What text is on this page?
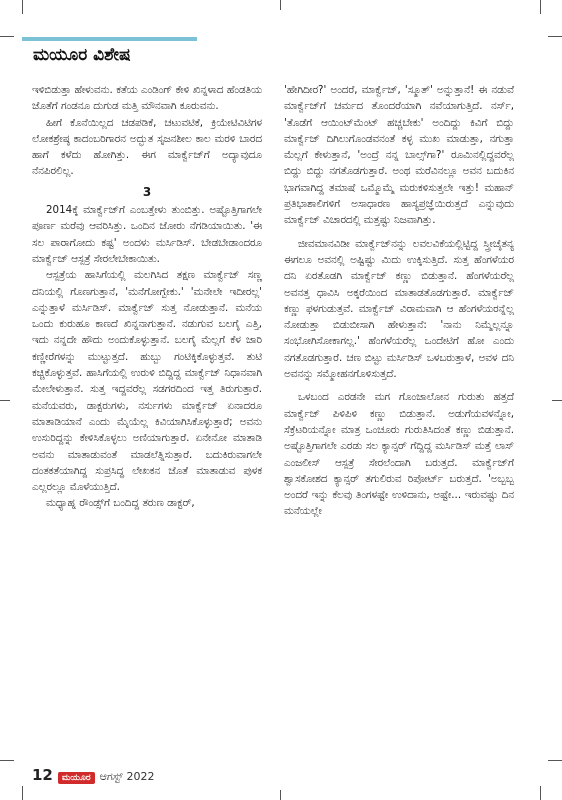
ಮಯೂರ ವಿಶೇಷ

ಇಳಿಬಿಡುತ್ತಾ ಹೇಳುವನು. ಕತೆಯ ಎಂಡಿಂಗ್ ಕೇಳಿ ಖಿನ್ನಳಾದ ಹೆಂಡತಿಯ ಜೊತೆಗೆ ಗಂಡನೂ ದುಗುಡ ಮತ್ತಿ ಮೌನವಾಗಿ ಕೂರುವನು.

ಹೀಗೆ ಕೊನೆಯಿಲ್ಲದ ಚಡಪಡಿಕೆ, ಚಟುವಟಿಕೆ, ಕ್ರಿಯೇಟಿವಿಟಿಗಳ ಲೋಕಶ್ರೇಷ್ಠ ಕಾದಂಬರಿಗಾರನ ಅದ್ಭುತ ಸೃಜನಶೀಲ ಕಾಲ ಮರಳಿ ಬಾರದ ಹಾಗೆ ಕಳೆದು ಹೋಗಿತ್ತು. ಈಗ ಮಾರ್ಕ್ವೆಜ್‌ಗೆ ಅದ್ಯಾವುದೂ ನೆನಪಿರಲಿಲ್ಲ.

3

2014ಕ್ಕೆ ಮಾರ್ಕ್ವೆಜ್‌ಗೆ ಎಂಬತ್ತೇಳು ತುಂಬಿತ್ತು. ಅಷ್ಟೊತ್ತಿಗಾಗಲೇ ಪೂರ್ಣ ಮರೆವು ಆವರಿಸಿತ್ತು. ಒಂದಿನ ಜೋರು ನೆಗಡಿಯಾಯಿತು. 'ಈ ಸಲ ಪಾರಾಗೋದು ಕಷ್ಟ' ಅಂದಳು ಮರ್ಸಿಡಿಸ್. ಬೇಡಬೇಡಾಂದರೂ ಮಾರ್ಕ್ವೆಜ್ ಆಸ್ಪತ್ರೆ ಸೇರಲೇಬೇಕಾಯಿತು.

ಆಸ್ಪತ್ರೆಯ ಹಾಸಿಗೆಯಲ್ಲಿ ಮಲಗಿಸಿದ ತಕ್ಷಣ ಮಾರ್ಕ್ವೆಜ್ ಸಣ್ಣ ದನಿಯಲ್ಲಿ ಗೊಣಗುತ್ತಾನೆ, 'ಮನೆಗೋಗ್ಬೇಕು.' 'ಮನೇಲೇ ಇದೀರಲ್ಲ' ಎನ್ನುತ್ತಾಳೆ ಮರ್ಸಿಡಿಸ್. ಮಾರ್ಕ್ವೆಜ್ ಸುತ್ತ ನೋಡುತ್ತಾನೆ. ಮನೆಯ ಒಂದು ಕುರುಹೂ ಕಾಣದೆ ಖಿನ್ನನಾಗುತ್ತಾನೆ. ನಡುಗುವ ಬಲಗೈ ಎತ್ತಿ, ಇದು ನನ್ನದೇ ಹೌದು ಅಂದುಕೊಳ್ಳುತ್ತಾನೆ. ಬಲಗೈ ಮೆಲ್ಲಗೆ ಕೆಳ ಜಾರಿ ಕಣ್ಣೀರೆಗಳನ್ನು ಮುಟ್ಟುತ್ತದೆ. ಹುಬ್ಬು ಗಂಟಿಕ್ಕಿಕೊಳ್ಳುತ್ತವೆ. ತುಟಿ ಕಚ್ಚಿಕೊಳ್ಳುತ್ತವೆ. ಹಾಸಿಗೆಯಲ್ಲಿ ಉರುಳಿ ಬಿದ್ದಿದ್ದ ಮಾರ್ಕ್ವೆಜ್ ನಿಧಾನವಾಗಿ ಮೇಲೇಳುತ್ತಾನೆ. ಸುತ್ತ ಇದ್ದವರೆಲ್ಲ ಸಡಗರದಿಂದ ಇತ್ತ ತಿರುಗುತ್ತಾರೆ. ಮನೆಯವರು, ಡಾಕ್ಟರುಗಳು, ನರ್ಸುಗಳು ಮಾರ್ಕ್ವೆಜ್ ಏನಾದರೂ ಮಾತಾಡಿಯಾನೆ ಎಂದು ಮೈಯೆಲ್ಲ ಕಿವಿಯಾಗಿಸಿಕೊಳ್ಳುತ್ತಾರೆ; ಅವನು ಉಸುರಿದ್ದನ್ನು ಕೇಳಿಸಿಕೊಳ್ಳಲು ಅಣಿಯಾಗುತ್ತಾರೆ. ಏನೇನೋ ಮಾತಾಡಿ ಅವನು ಮಾತಾಡುವಂತೆ ಮಾಡಲೆತ್ನಿಸುತ್ತಾರೆ. ಬದುಕಿರುವಾಗಲೇ ದಂತಕತೆಯಾಗಿದ್ದ ಸುಪ್ರಸಿದ್ಧ ಲೇಖಕನ ಜೊತೆ ಮಾತಾಡುವ ಪುಳಕ ಎಲ್ಲರಲ್ಲೂ ಮೊಳೆಯುತ್ತಿದೆ.

ಮಧ್ಯಾಹ್ನ ರೌಂಡ್ಸ್‌ಗೆ ಬಂದಿದ್ದ ತರುಣ ಡಾಕ್ಟರ್,

'ಹೇಗಿದೀರ?' ಅಂದರೆ, ಮಾರ್ಕ್ವೆಜ್, 'ಸ್ಮೂತ್' ಅನ್ನುತ್ತಾನೆ! ಈ ನಡುವೆ ಮಾರ್ಕ್ವೆಜ್‌ಗೆ ಚರ್ಮದ ತೊಂದರೆಯಾಗಿ ನವೆಯಾಗುತ್ತಿದೆ. ನರ್ಸ್, 'ತೊಡೆಗೆ ಆಯಿಂಟ್‌ಮೆಂಟ್ ಹಚ್ಚಬೇಕು' ಅಂದಿದ್ದು ಕಿವಿಗೆ ಬಿದ್ದು ಮಾರ್ಕ್ವೆಜ್ ದಿಗಿಲುಗೊಂಡವನಂತೆ ಕಳ್ಳ ಮುಖ ಮಾಡುತ್ತಾ, ನಗುತ್ತಾ ಮೆಲ್ಲಗೆ ಕೇಳುತ್ತಾನೆ, 'ಅಂದ್ರೆ ನನ್ನ ಬಾಲ್ಸ್‌ಗಾ?' ರೂಮಿನಲ್ಲಿದ್ದವರೆಲ್ಲ ಬಿದ್ದು ಬಿದ್ದು ನಗತೊಡಗುತ್ತಾರೆ. ಅಂಥ ಮರೆವಿನಲ್ಲೂ ಅವನ ಬದುಕಿನ ಭಾಗವಾಗಿದ್ದ ತಮಾಷೆ ಒಮ್ಮೊಮ್ಮೆ ಮರುಕಳಿಸುತ್ತಲೇ ಇತ್ತು! ಮಹಾನ್ ಪ್ರತಿಭಾಶಾಲಿಗಳಿಗೆ ಅಸಾಧಾರಣ ಹಾಸ್ಯಪ್ರಜ್ಞೆಯಿರುತ್ತದೆ ಎನ್ನುವುದು ಮಾರ್ಕ್ವೆಜ್ ವಿಚಾರದಲ್ಲಿ ಮತ್ತಷ್ಟು ನಿಜವಾಗಿತ್ತು.

ಜೀವಮಾನವಿಡೀ ಮಾರ್ಕ್ವೆಜ್‌ನನ್ನು ಲವಲವಿಕೆಯಲ್ಲಿಟ್ಟಿದ್ದ ಸ್ತ್ರೀಚೈತನ್ಯ ಈಗಲೂ ಅವನಲ್ಲಿ ಅಷ್ಟಿಷ್ಟು ಮಿದು ಉಕ್ಕಿಸುತ್ತಿದೆ. ಸುತ್ತ ಹೆಂಗಳೆಯರ ದನಿ ಏರತೊಡಗಿ ಮಾರ್ಕ್ವೆಜ್ ಕಣ್ಣು ಬಿಡುತ್ತಾನೆ. ಹೆಂಗಳೆಯರೆಲ್ಲ ಅವನತ್ತ ಧಾವಿಸಿ ಅಕ್ಕರೆಯಿಂದ ಮಾತಾಡತೊಡಗುತ್ತಾರೆ. ಮಾರ್ಕ್ವೆಜ್ ಕಣ್ಣು ಫಳಗುಡುತ್ತವೆ. ಮಾರ್ಕ್ವೆಜ್ ವಿರಾಮವಾಗಿ ಆ ಹೆಂಗಳೆಯರನ್ನೆಲ್ಲ ನೋಡುತ್ತಾ ಬಿಡುಬೀಸಾಗಿ ಹೇಳುತ್ತಾನೆ: 'ನಾನು ನಿಮ್ಮೆಲ್ಲನ್ನೂ ಸಂಭೋಗಿಸೋಕಾಗಲ್ಲ.' ಹೆಂಗಳೆಯರೆಲ್ಲ ಒಂದೇಟಿಗೆ ಹೋ ಎಂದು ನಗತೊಡಗುತ್ತಾರೆ. ಚಣ ಬಿಟ್ಟು ಮರ್ಸಿಡಿಸ್ ಒಳಬರುತ್ತಾಳೆ, ಅವಳ ದನಿ ಅವನನ್ನು ಸಮ್ಮೋಹನಗೊಳಿಸುತ್ತದೆ.

ಒಳಬಂದ ಎರಡನೇ ಮಗ ಗೊಂಜಾಲೋನ ಗುರುತು ಹತ್ತದೆ ಮಾರ್ಕ್ವೆಜ್ ಪಿಳಿಪಿಳಿ ಕಣ್ಣು ಬಿಡುತ್ತಾನೆ. ಅಡುಗೆಯವಳನ್ನೋ, ಸೆಕ್ರೆಟರಿಯನ್ನೋ ಮಾತ್ರ ಒಂಚೂರು ಗುರುತಿಸಿದಂತೆ ಕಣ್ಣು ಬಿಡುತ್ತಾನೆ. ಅಷ್ಟೊತ್ತಿಗಾಗಲೇ ಎರಡು ಸಲ ಕ್ಯಾನ್ಸರ್ ಗೆದ್ದಿದ್ದ ಮರ್ಸಿಡಿಸ್ ಮತ್ತೆ ಲಾಸ್ ಎಂಜಲೀಸ್ ಆಸ್ಪತ್ರೆ ಸೇರಲೆಂದಾಗಿ ಬರುತ್ತದೆ. ಮಾರ್ಕ್ವೆಜ್‌ಗೆ ಶ್ವಾಸಕೋಶದ ಕ್ಯಾನ್ಸರ್ ತಗುಲಿರುವ ರಿಪೋರ್ಟ್ ಬರುತ್ತದೆ. 'ಅಬ್ಬಬ್ಬ ಅಂದರೆ ಇನ್ನು ಕೆಲವು ತಿಂಗಳಷ್ಟೇ ಉಳಿದಾನು, ಅಷ್ಟೇ... ಇರುವಷ್ಟು ದಿನ ಮನೆಯಲ್ಲೇ

12	ಮಯೂರ ಆಗಸ್ಟ್ 2022
